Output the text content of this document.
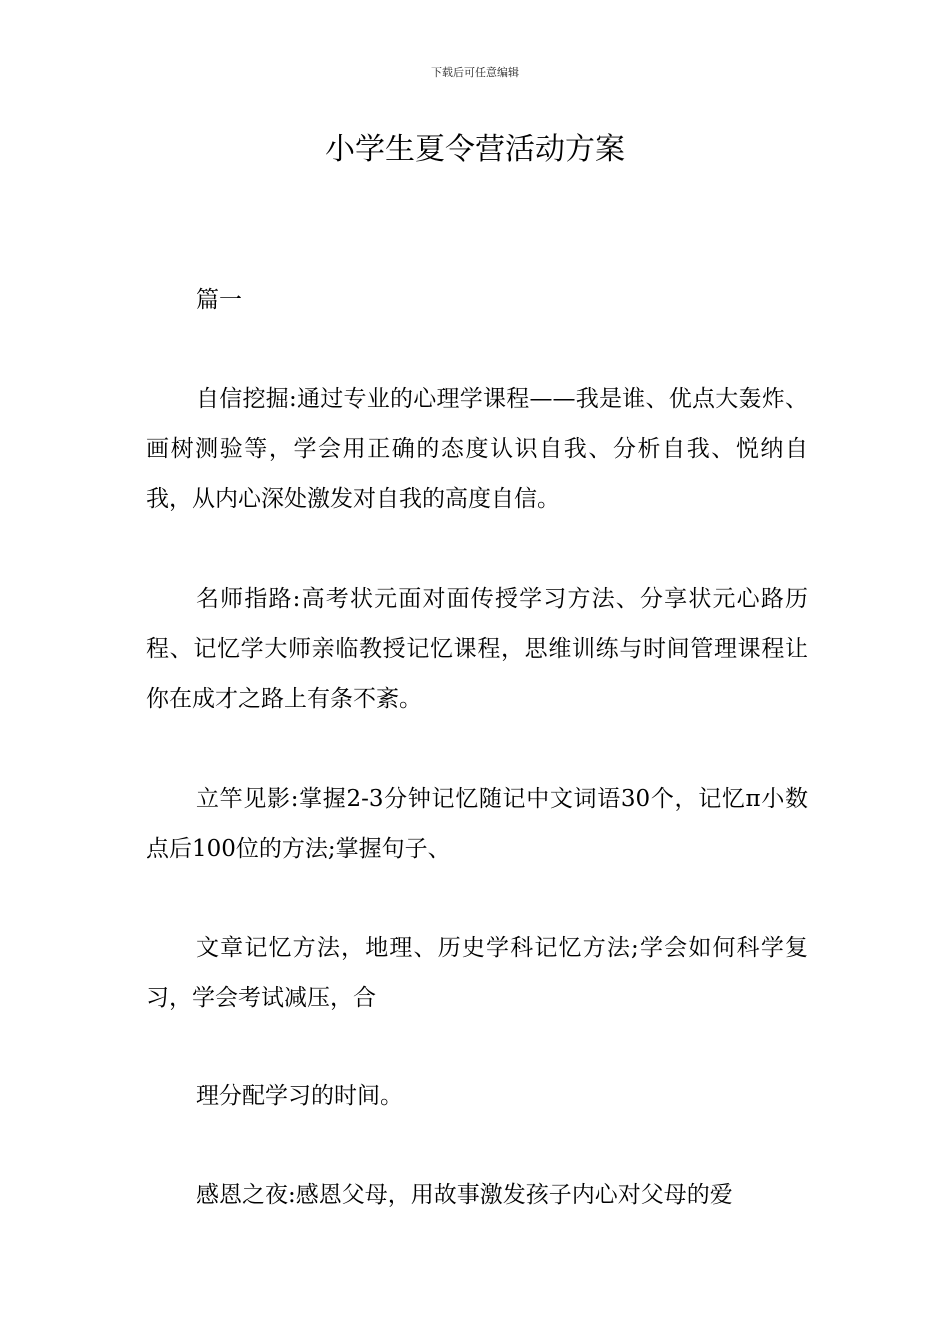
下载后可任意编辑
小学生夏令营活动方案

篇一

自信挖掘:通过专业的心理学课程——我是谁、优点大轰炸、画树测验等，学会用正确的态度认识自我、分析自我、悦纳自我，从内心深处激发对自我的高度自信。

名师指路:高考状元面对面传授学习方法、分享状元心路历程、记忆学大师亲临教授记忆课程，思维训练与时间管理课程让你在成才之路上有条不紊。

立竿见影:掌握2-3分钟记忆随记中文词语30个，记忆π小数点后100位的方法;掌握句子、

文章记忆方法，地理、历史学科记忆方法;学会如何科学复习，学会考试减压，合

理分配学习的时间。

感恩之夜:感恩父母，用故事激发孩子内心对父母的爱
